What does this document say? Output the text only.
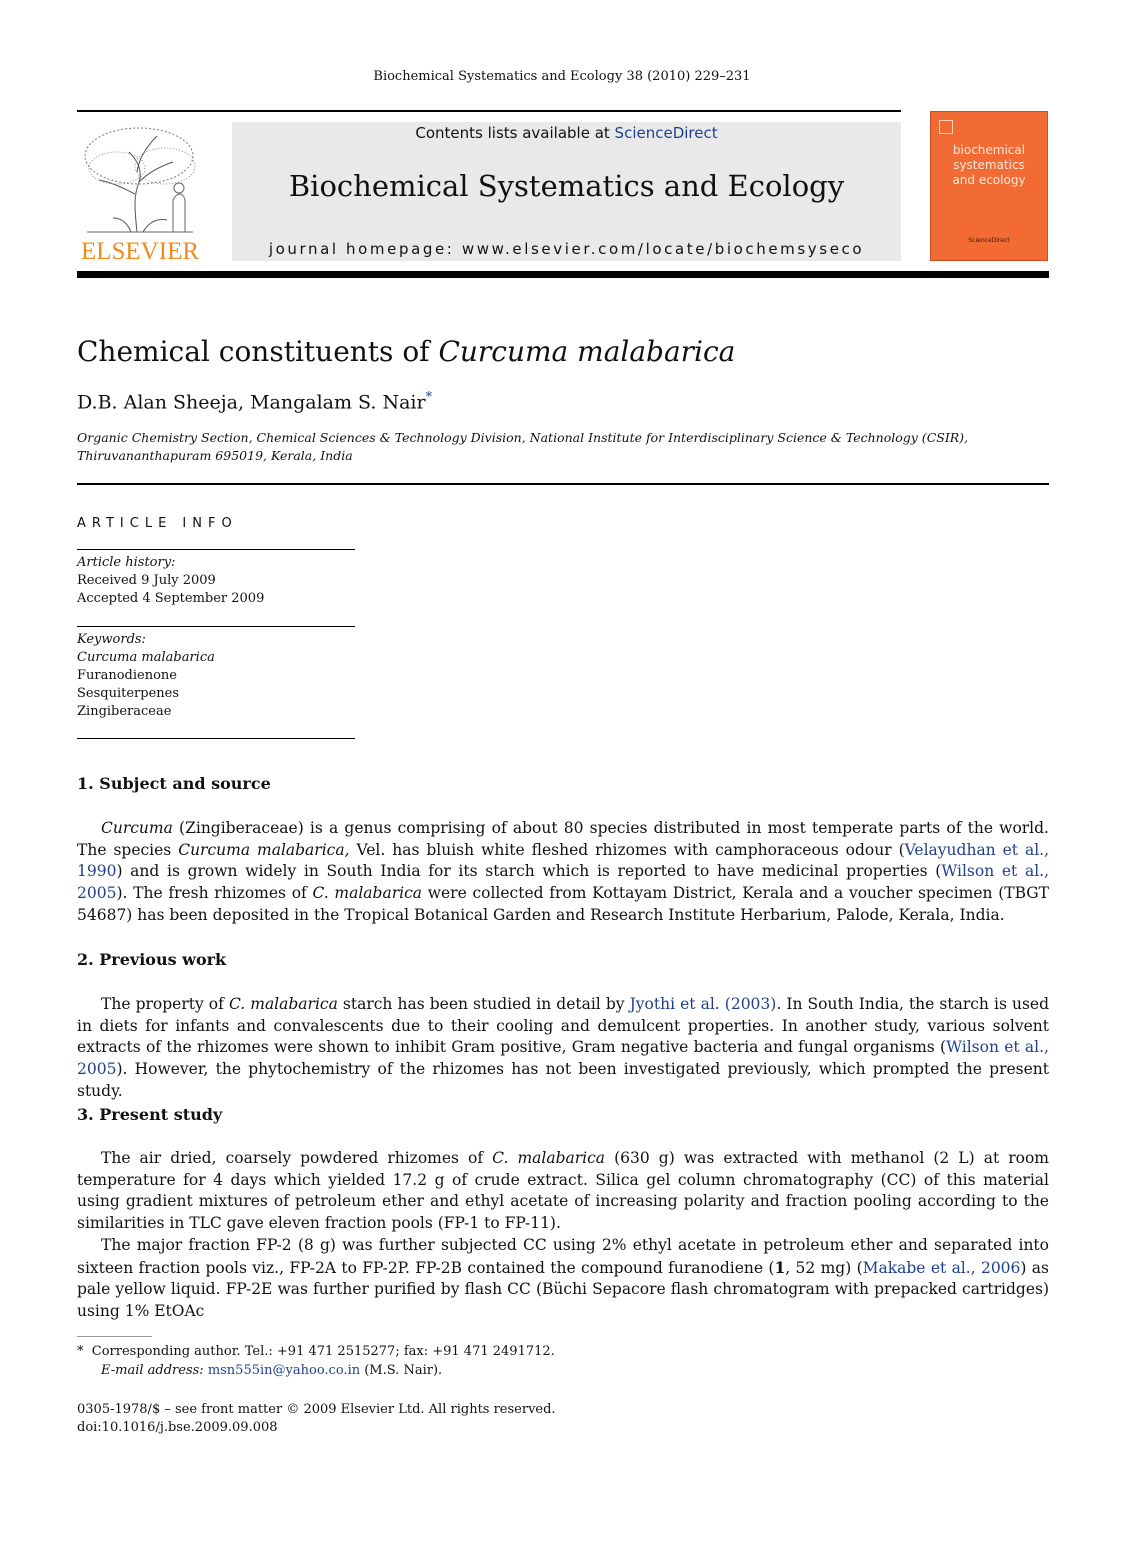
Biochemical Systematics and Ecology 38 (2010) 229–231
ELSEVIER
Contents lists available at ScienceDirect
Biochemical Systematics and Ecology
journal homepage: www.elsevier.com/locate/biochemsyseco
biochemical
systematics
and ecology
ScienceDirect
Chemical constituents of Curcuma malabarica
D.B. Alan Sheeja, Mangalam S. Nair*
Organic Chemistry Section, Chemical Sciences & Technology Division, National Institute for Interdisciplinary Science & Technology (CSIR),
Thiruvananthapuram 695019, Kerala, India
ARTICLE INFO
Article history:
Received 9 July 2009
Accepted 4 September 2009
Keywords:
Curcuma malabarica
Furanodienone
Sesquiterpenes
Zingiberaceae
1. Subject and source
Curcuma (Zingiberaceae) is a genus comprising of about 80 species distributed in most temperate parts of the world. The species Curcuma malabarica, Vel. has bluish white fleshed rhizomes with camphoraceous odour (Velayudhan et al., 1990) and is grown widely in South India for its starch which is reported to have medicinal properties (Wilson et al., 2005). The fresh rhizomes of C. malabarica were collected from Kottayam District, Kerala and a voucher specimen (TBGT 54687) has been deposited in the Tropical Botanical Garden and Research Institute Herbarium, Palode, Kerala, India.
2. Previous work
The property of C. malabarica starch has been studied in detail by Jyothi et al. (2003). In South India, the starch is used in diets for infants and convalescents due to their cooling and demulcent properties. In another study, various solvent extracts of the rhizomes were shown to inhibit Gram positive, Gram negative bacteria and fungal organisms (Wilson et al., 2005). However, the phytochemistry of the rhizomes has not been investigated previously, which prompted the present study.
3. Present study
The air dried, coarsely powdered rhizomes of C. malabarica (630 g) was extracted with methanol (2 L) at room temperature for 4 days which yielded 17.2 g of crude extract. Silica gel column chromatography (CC) of this material using gradient mixtures of petroleum ether and ethyl acetate of increasing polarity and fraction pooling according to the similarities in TLC gave eleven fraction pools (FP-1 to FP-11).
The major fraction FP-2 (8 g) was further subjected CC using 2% ethyl acetate in petroleum ether and separated into sixteen fraction pools viz., FP-2A to FP-2P. FP-2B contained the compound furanodiene (1, 52 mg) (Makabe et al., 2006) as pale yellow liquid. FP-2E was further purified by flash CC (Büchi Sepacore flash chromatogram with prepacked cartridges) using 1% EtOAc
* Corresponding author. Tel.: +91 471 2515277; fax: +91 471 2491712.
E-mail address: msn555in@yahoo.co.in (M.S. Nair).
0305-1978/$ – see front matter © 2009 Elsevier Ltd. All rights reserved.
doi:10.1016/j.bse.2009.09.008
